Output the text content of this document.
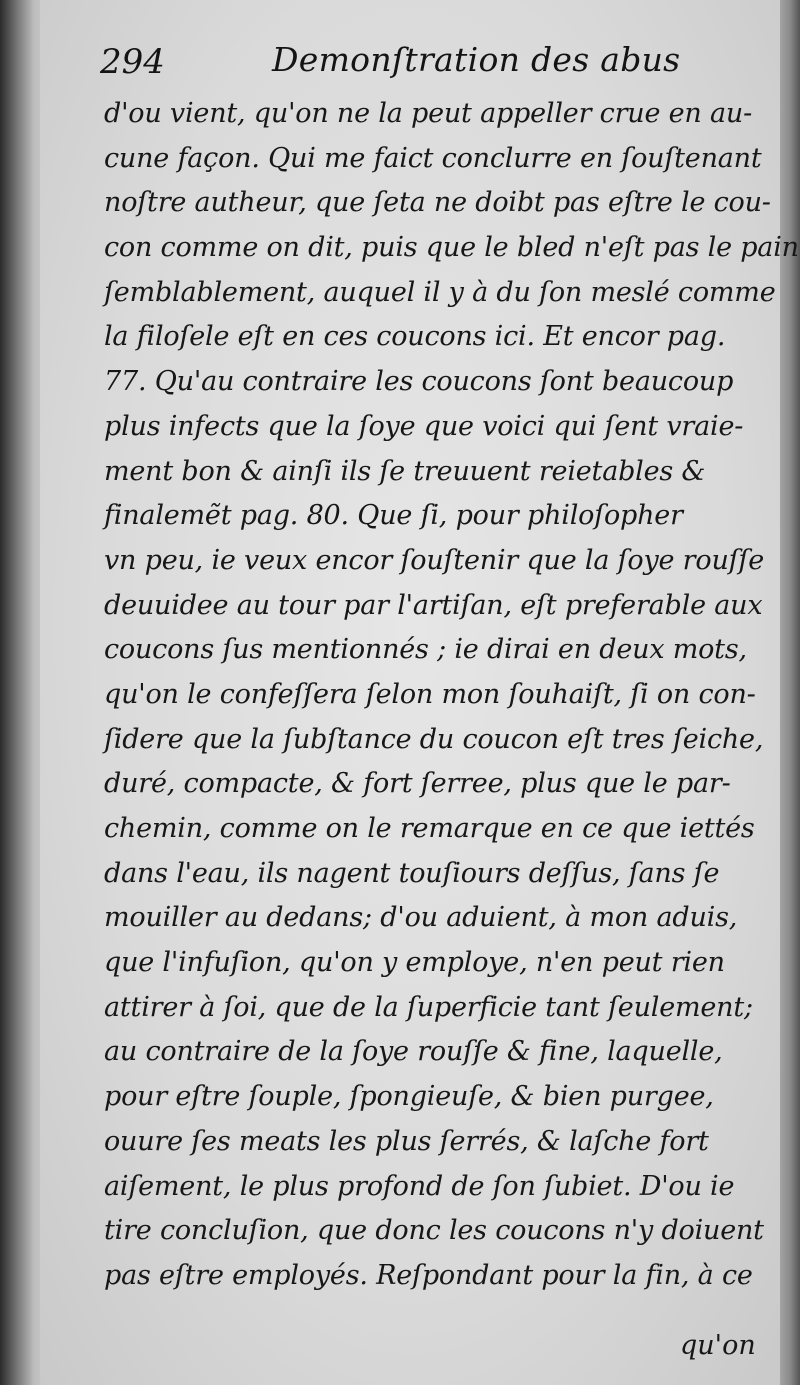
294	Demonſtration des abus
d'ou vient, qu'on ne la peut appeller crue en au-
cune façon. Qui me faict conclurre en ſouſtenant
noſtre autheur, que ſeta ne doibt pas eſtre le cou-
con comme on dit, puis que le bled n'eſt pas le pain
ſemblablement, auquel il y à du ſon meslé comme
la filoſele eſt en ces coucons ici. Et encor pag.
77. Qu'au contraire les coucons ſont beaucoup
plus infects que la ſoye que voici qui ſent vraie-
ment bon & ainſi ils ſe treuuent reietables &
finalemẽt pag. 80. Que ſi, pour philoſopher
vn peu, ie veux encor ſouſtenir que la ſoye rouſſe
deuuidee au tour par l'artiſan, eſt preferable aux
coucons ſus mentionnés ; ie dirai en deux mots,
qu'on le confeſſera ſelon mon ſouhaiſt, ſi on con-
ſidere que la ſubſtance du coucon eſt tres ſeiche,
duré, compacte, & fort ſerree, plus que le par-
chemin, comme on le remarque en ce que iettés
dans l'eau, ils nagent touſiours deſſus, ſans ſe
mouiller au dedans; d'ou aduient, à mon aduis,
que l'infuſion, qu'on y employe, n'en peut rien
attirer à ſoi, que de la ſuperficie tant ſeulement;
au contraire de la ſoye rouſſe & fine, laquelle,
pour eſtre ſouple, ſpongieuſe, & bien purgee,
ouure ſes meats les plus ſerrés, & laſche fort
aiſement, le plus profond de ſon ſubiet. D'ou ie
tire concluſion, que donc les coucons n'y doiuent
pas eſtre employés. Reſpondant pour la fin, à ce
qu'on
